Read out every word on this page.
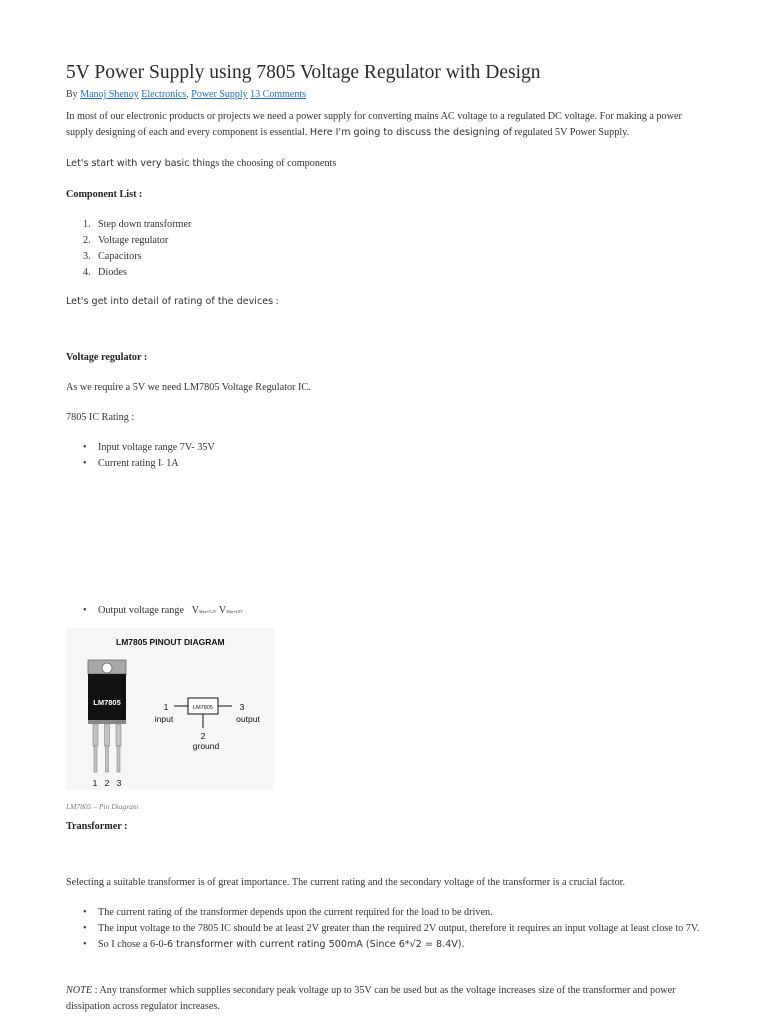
5V Power Supply using 7805 Voltage Regulator with Design
By Manoj Shenoy Electronics, Power Supply 13 Comments
In most of our electronic products or projects we need a power supply for converting mains AC voltage to a regulated DC voltage. For making a power supply designing of each and every component is essential. Here I'm going to discuss the designing of regulated 5V Power Supply.
Let's start with very basic things the choosing of components
Component List :
1. Step down transformer
2. Voltage regulator
3. Capacitors
4. Diodes
Let's get into detail of rating of the devices :
Voltage regulator :
As we require a 5V we need LM7805 Voltage Regulator IC.
7805 IC Rating :
• Input voltage range 7V- 35V
• Current rating I= 1A
• Output voltage range VMax=5.2V VMin=4.8V
LM7805 – Pin Diagram
Transformer :
Selecting a suitable transformer is of great importance. The current rating and the secondary voltage of the transformer is a crucial factor.
• The current rating of the transformer depends upon the current required for the load to be driven.
• The input voltage to the 7805 IC should be at least 2V greater than the required 2V output, therefore it requires an input voltage at least close to 7V.
• So I chose a 6-0-6 transformer with current rating 500mA (Since 6*√2 = 8.4V).
NOTE : Any transformer which supplies secondary peak voltage up to 35V can be used but as the voltage increases size of the transformer and power dissipation across regulator increases.
LM7805 PINOUT DIAGRAM
LM7805
1 2 3
LM7805
1
input
3
output
2
ground
